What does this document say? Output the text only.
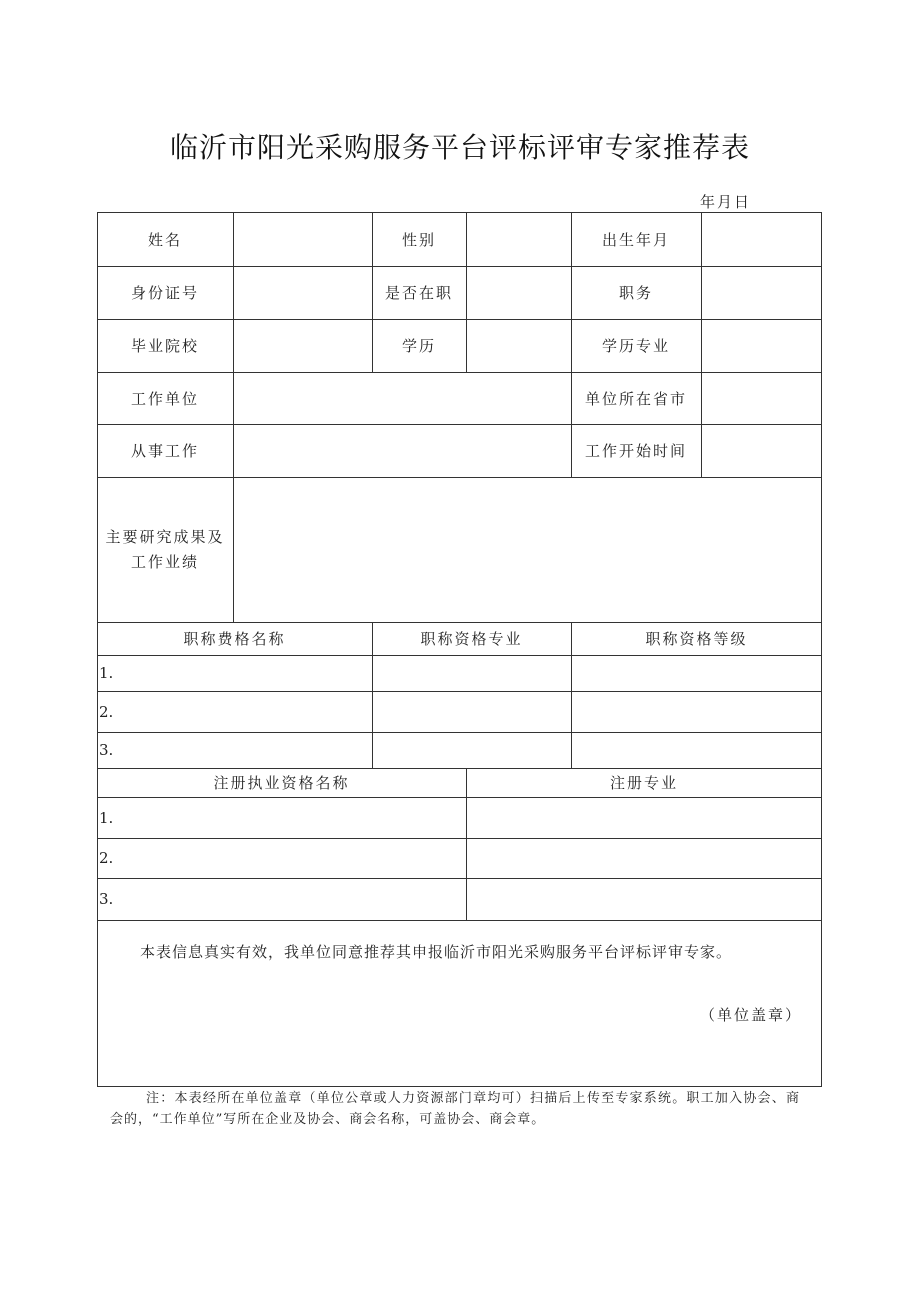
临沂市阳光采购服务平台评标评审专家推荐表
年月日
姓名	性别	出生年月
身份证号	是否在职	职务
毕业院校	学历	学历专业
工作单位	单位所在省市
从事工作	工作开始时间
主要研究成果及
工作业绩
职称费格名称	职称资格专业	职称资格等级
1.
2.
3.
注册执业资格名称	注册专业
1.
2.
3.
本表信息真实有效，我单位同意推荐其申报临沂市阳光采购服务平台评标评审专家。
（单位盖章）
注：本表经所在单位盖章（单位公章或人力资源部门章均可）扫描后上传至专家系统。职工加入协会、商会的，“工作单位”写所在企业及协会、商会名称，可盖协会、商会章。
